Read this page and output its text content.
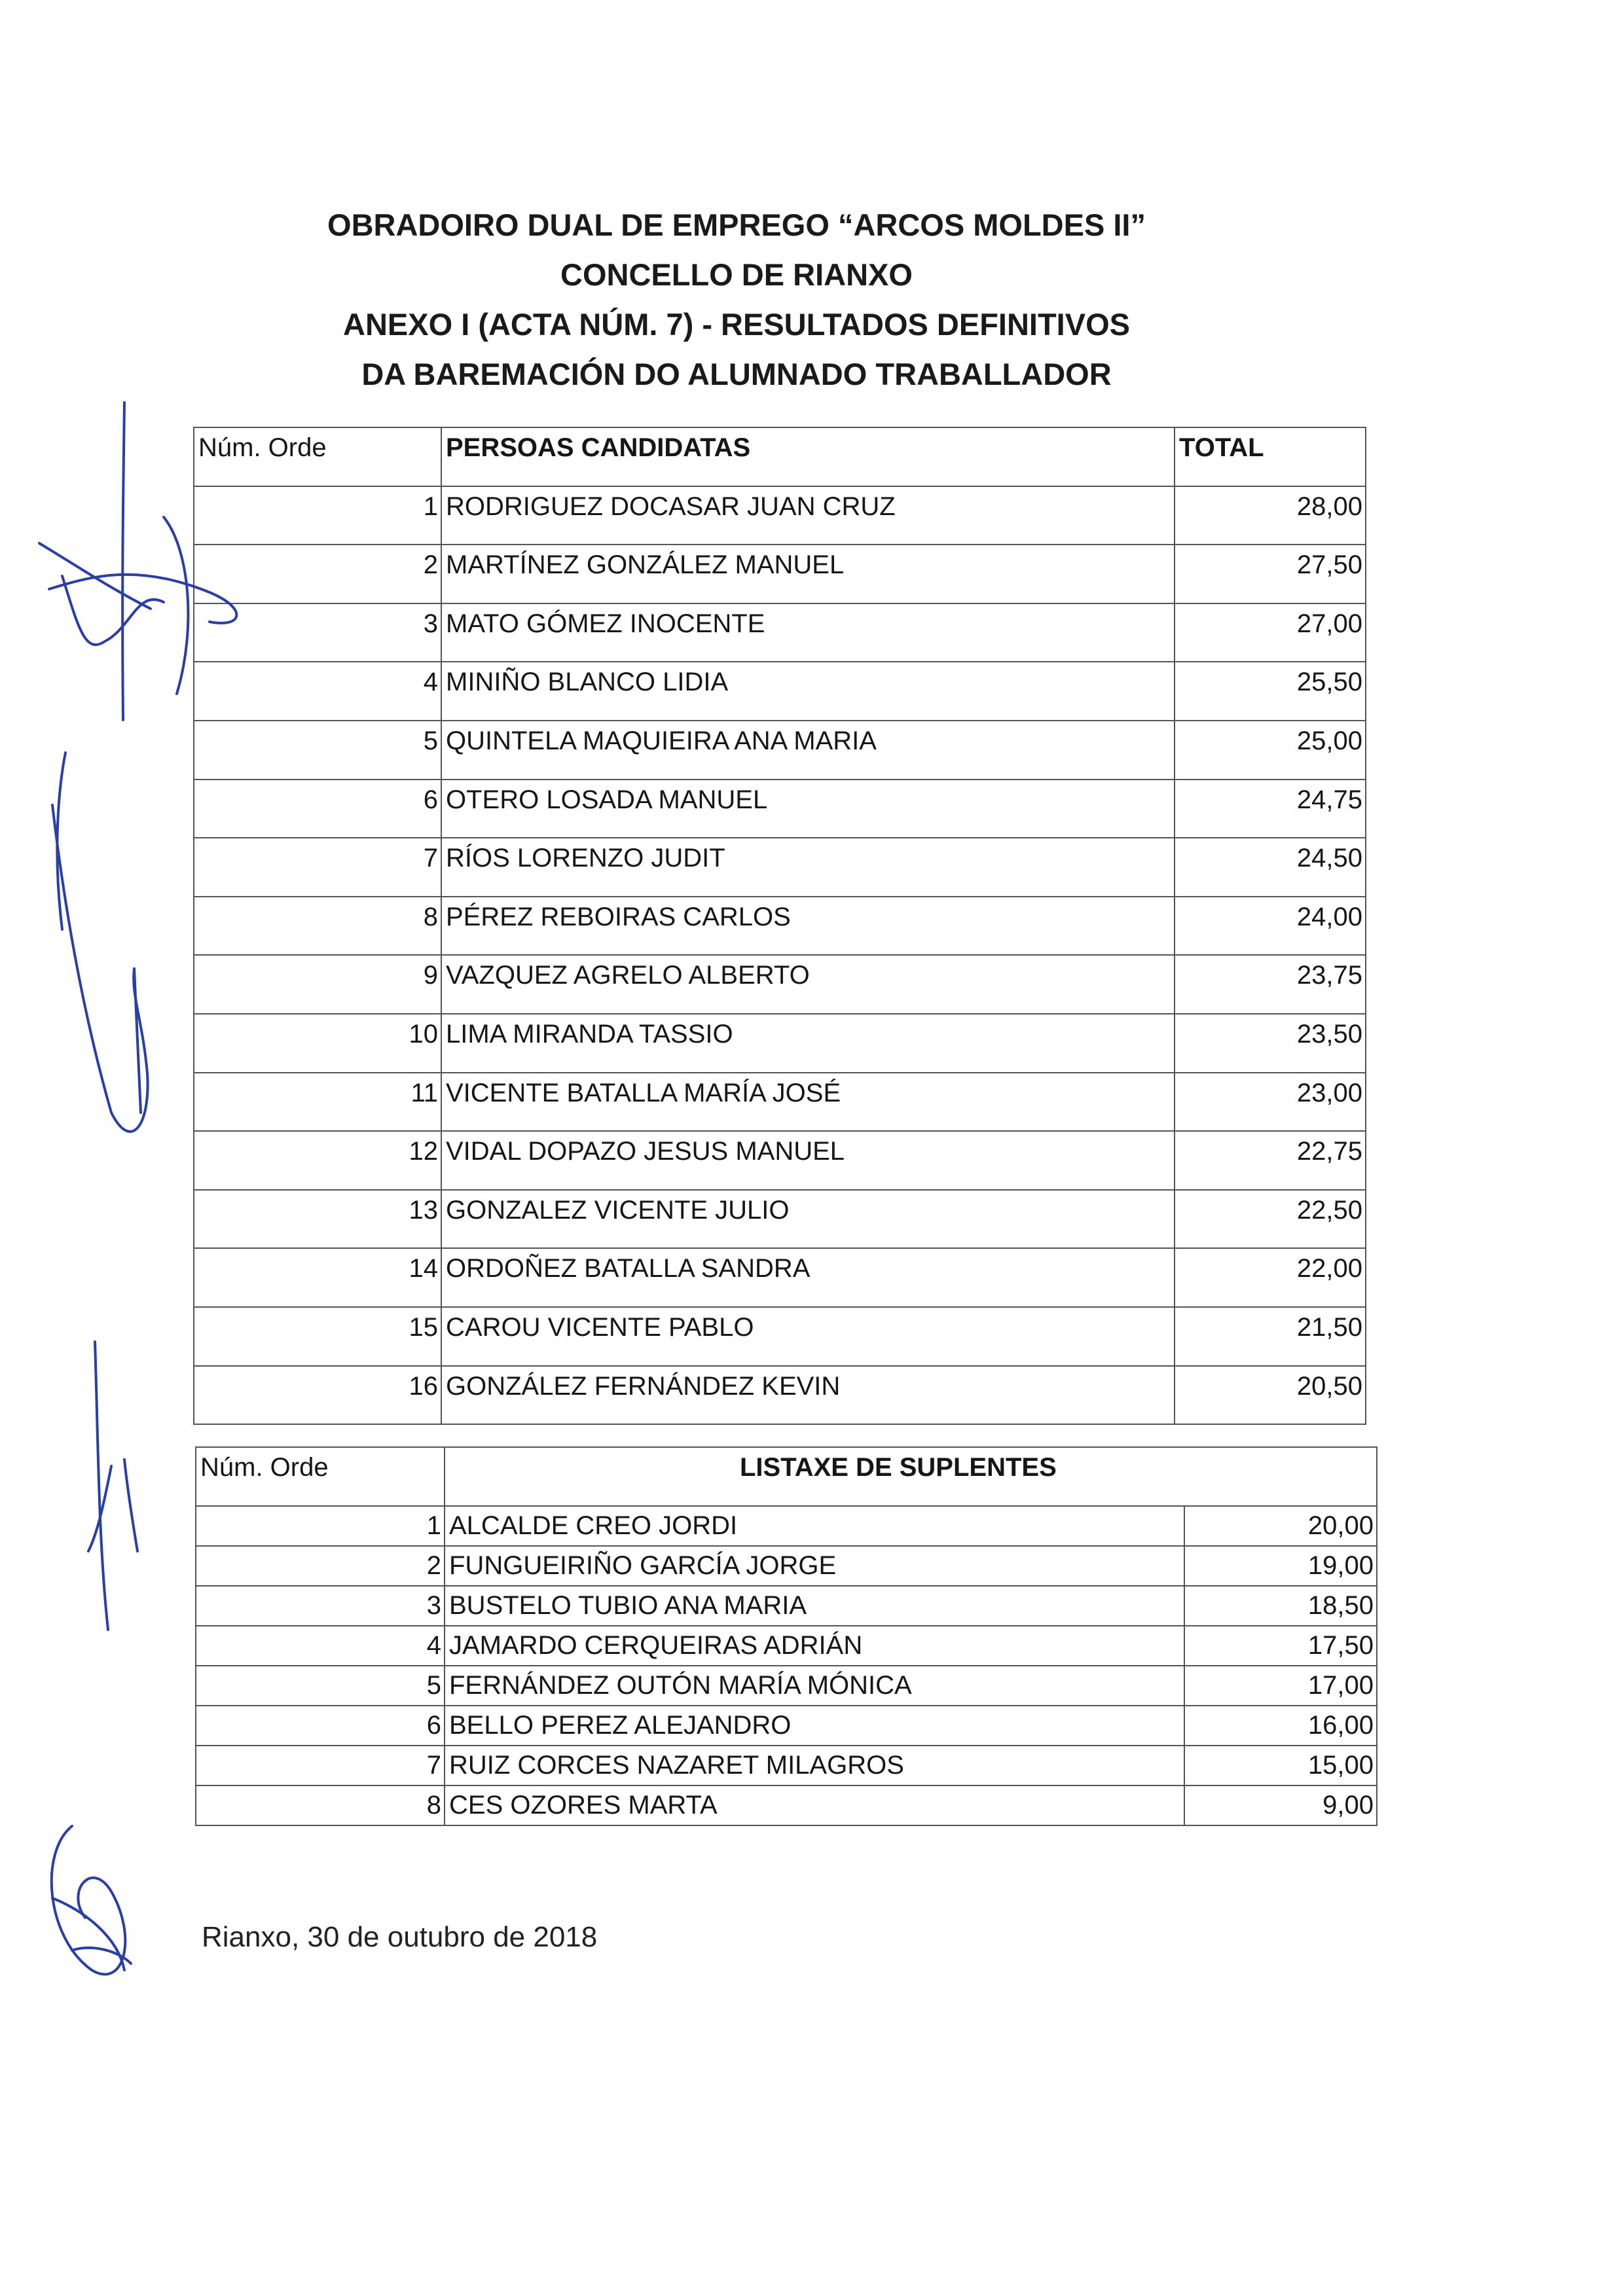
OBRADOIRO DUAL DE EMPREGO “ARCOS MOLDES II”
CONCELLO DE RIANXO
ANEXO I (ACTA NÚM. 7) - RESULTADOS DEFINITIVOS
DA BAREMACIÓN DO ALUMNADO TRABALLADOR
Núm. Orde	PERSOAS CANDIDATAS	TOTAL
1	RODRIGUEZ DOCASAR JUAN CRUZ	28,00
2	MARTÍNEZ GONZÁLEZ MANUEL	27,50
3	MATO GÓMEZ INOCENTE	27,00
4	MINIÑO BLANCO LIDIA	25,50
5	QUINTELA MAQUIEIRA ANA MARIA	25,00
6	OTERO LOSADA MANUEL	24,75
7	RÍOS LORENZO JUDIT	24,50
8	PÉREZ REBOIRAS CARLOS	24,00
9	VAZQUEZ AGRELO ALBERTO	23,75
10	LIMA MIRANDA TASSIO	23,50
11	VICENTE BATALLA MARÍA JOSÉ	23,00
12	VIDAL DOPAZO JESUS MANUEL	22,75
13	GONZALEZ VICENTE JULIO	22,50
14	ORDOÑEZ BATALLA SANDRA	22,00
15	CAROU VICENTE PABLO	21,50
16	GONZÁLEZ FERNÁNDEZ KEVIN	20,50
Núm. Orde	LISTAXE DE SUPLENTES	
1	ALCALDE CREO JORDI	20,00
2	FUNGUEIRIÑO GARCÍA JORGE	19,00
3	BUSTELO TUBIO ANA MARIA	18,50
4	JAMARDO CERQUEIRAS ADRIÁN	17,50
5	FERNÁNDEZ OUTÓN MARÍA MÓNICA	17,00
6	BELLO PEREZ ALEJANDRO	16,00
7	RUIZ CORCES NAZARET MILAGROS	15,00
8	CES OZORES MARTA	9,00
Rianxo, 30 de outubro de 2018
